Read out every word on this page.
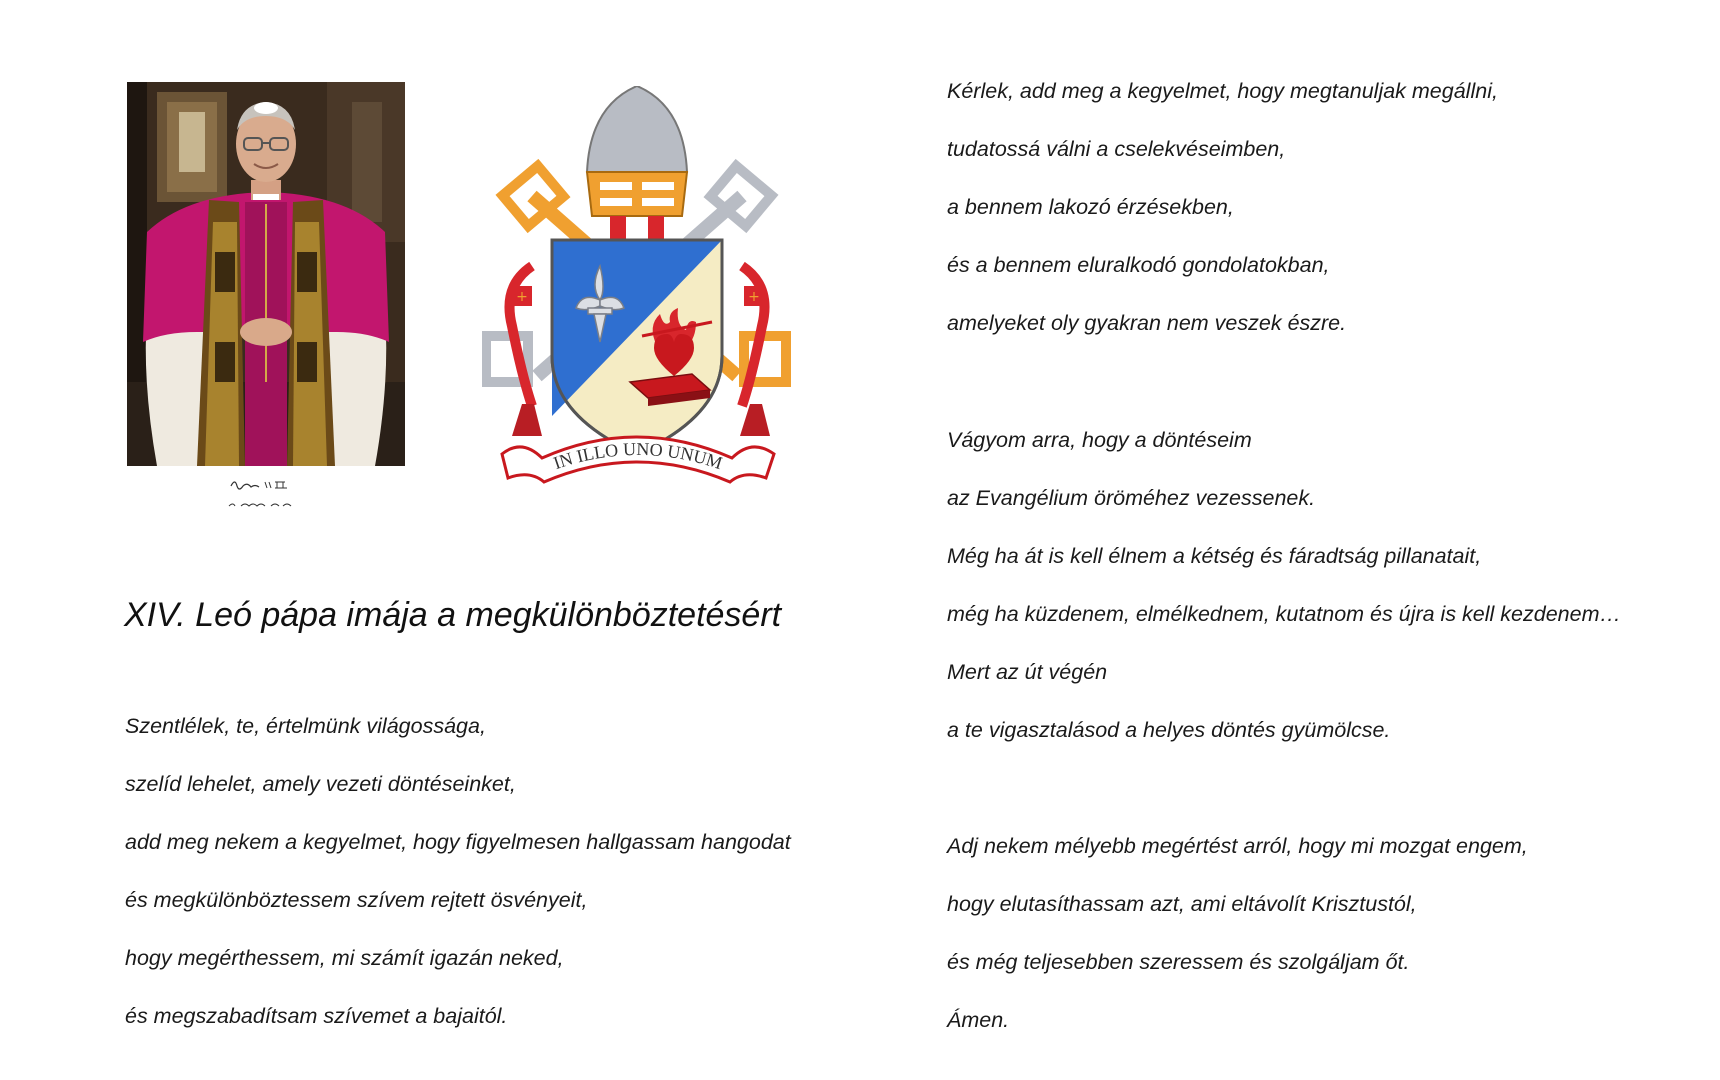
+	+
IN ILLO UNO UNUM
XIV. Leó pápa imája a megkülönböztetésért
Szentlélek, te, értelmünk világossága,
szelíd lehelet, amely vezeti döntéseinket,
add meg nekem a kegyelmet, hogy figyelmesen hallgassam hangodat
és megkülönböztessem szívem rejtett ösvényeit,
hogy megérthessem, mi számít igazán neked,
és megszabadítsam szívemet a bajaitól.
Kérlek, add meg a kegyelmet, hogy megtanuljak megállni,
tudatossá válni a cselekvéseimben,
a bennem lakozó érzésekben,
és a bennem eluralkodó gondolatokban,
amelyeket oly gyakran nem veszek észre.
Vágyom arra, hogy a döntéseim
az Evangélium öröméhez vezessenek.
Még ha át is kell élnem a kétség és fáradtság pillanatait,
még ha küzdenem, elmélkednem, kutatnom és újra is kell kezdenem…
Mert az út végén
a te vigasztalásod a helyes döntés gyümölcse.
Adj nekem mélyebb megértést arról, hogy mi mozgat engem,
hogy elutasíthassam azt, ami eltávolít Krisztustól,
és még teljesebben szeressem és szolgáljam őt.
Ámen.
